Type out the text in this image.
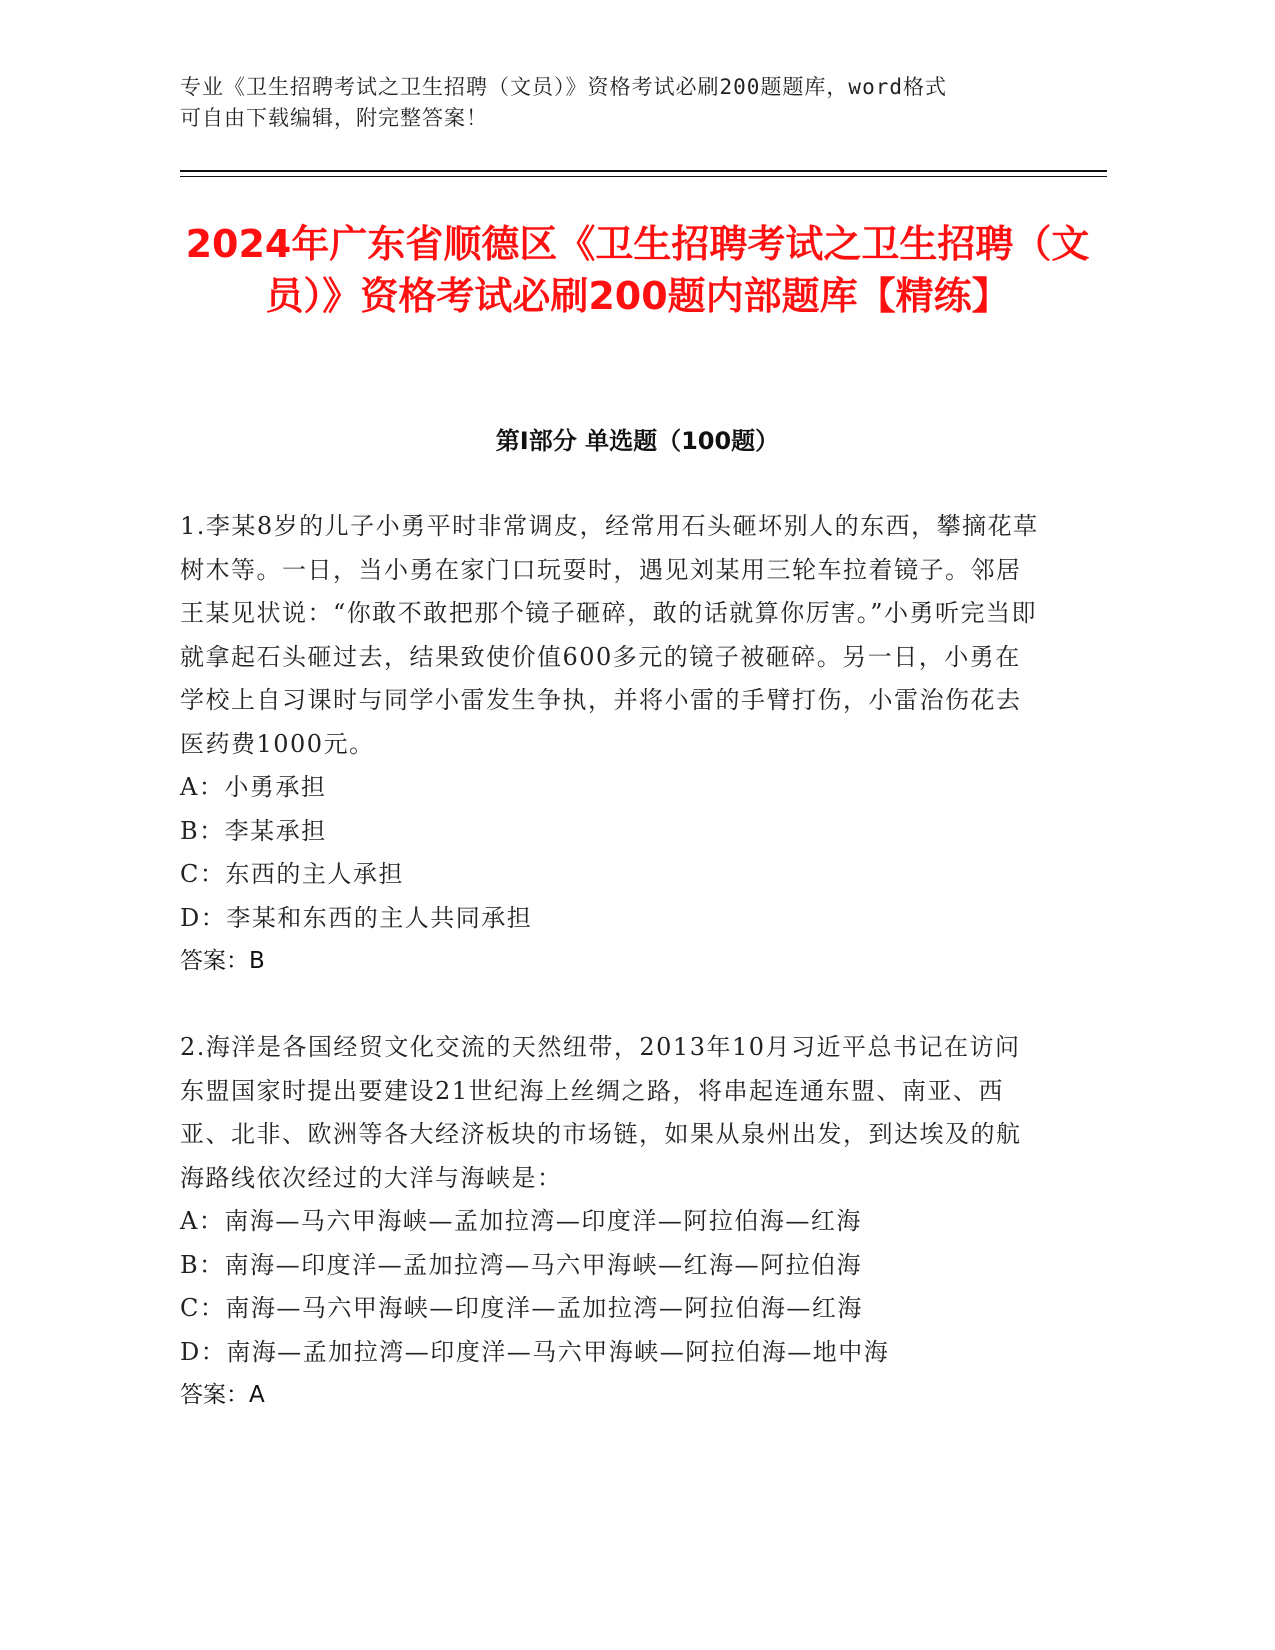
专业《卫生招聘考试之卫生招聘（文员）》资格考试必刷200题题库，word格式
可自由下载编辑，附完整答案！
2024年广东省顺德区《卫生招聘考试之卫生招聘（文员）》资格考试必刷200题内部题库【精练】
第I部分 单选题（100题）

1.李某8岁的儿子小勇平时非常调皮，经常用石头砸坏别人的东西，攀摘花草树木等。一日，当小勇在家门口玩耍时，遇见刘某用三轮车拉着镜子。邻居王某见状说：“你敢不敢把那个镜子砸碎，敢的话就算你厉害。”小勇听完当即就拿起石头砸过去，结果致使价值600多元的镜子被砸碎。另一日，小勇在学校上自习课时与同学小雷发生争执，并将小雷的手臂打伤，小雷治伤花去医药费1000元。

A：小勇承担

B：李某承担

C：东西的主人承担

D：李某和东西的主人共同承担

答案：B

2.海洋是各国经贸文化交流的天然纽带，2013年10月习近平总书记在访问东盟国家时提出要建设21世纪海上丝绸之路，将串起连通东盟、南亚、西亚、北非、欧洲等各大经济板块的市场链，如果从泉州出发，到达埃及的航海路线依次经过的大洋与海峡是：

A：南海—马六甲海峡—孟加拉湾—印度洋—阿拉伯海—红海

B：南海—印度洋—孟加拉湾—马六甲海峡—红海—阿拉伯海

C：南海—马六甲海峡—印度洋—孟加拉湾—阿拉伯海—红海

D：南海—孟加拉湾—印度洋—马六甲海峡—阿拉伯海—地中海

答案：A
